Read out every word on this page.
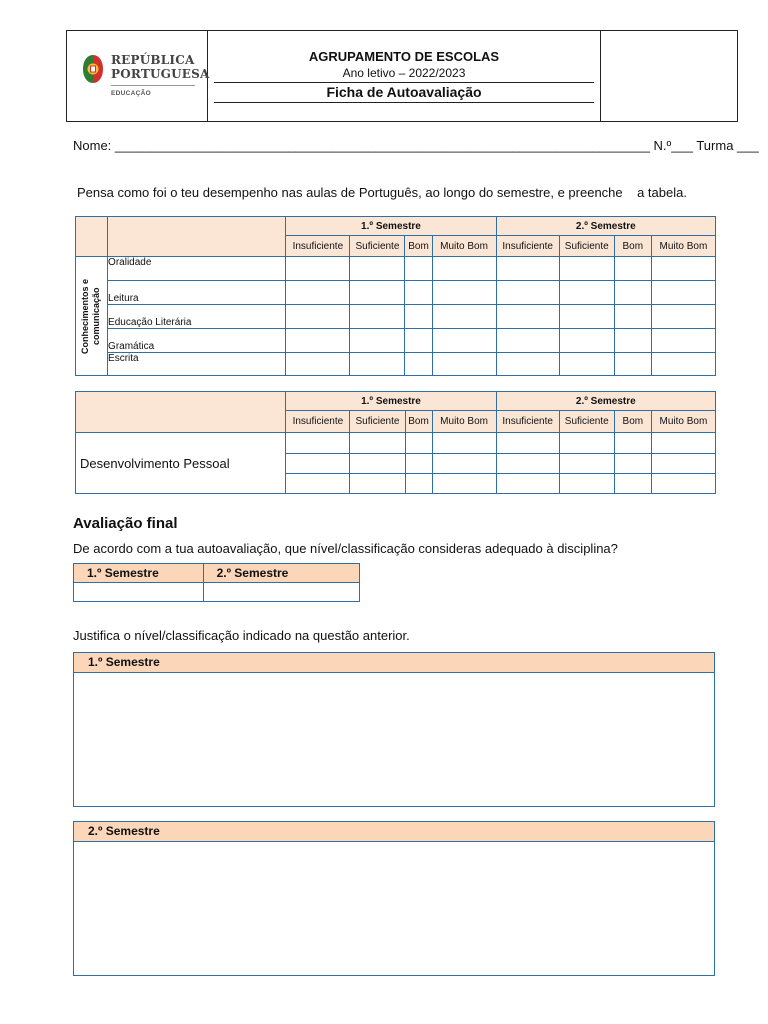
REPÚBLICA
PORTUGUESA
EDUCAÇÃO
AGRUPAMENTO DE ESCOLAS
Ano letivo – 2022/2023
Ficha de Autoavaliação
Nome: __________________________________________________________________________ N.º___ Turma ___
Pensa como foi o teu desempenho nas aulas de Português, ao longo do semestre, e preenche    a tabela.
		1.º Semestre				2.º Semestre			
		Insuficiente	Suficiente	Bom	Muito Bom	Insuficiente	Suficiente	Bom	Muito Bom

Conhecimentos e comunicação	Oralidade								
	Leitura								
	Educação Literária								
	Gramática								
	Escrita								
	1.º Semestre				2.º Semestre			
	Insuficiente	Suficiente	Bom	Muito Bom	Insuficiente	Suficiente	Bom	Muito Bom
Desenvolvimento Pessoal								

Avaliação final
De acordo com a tua autoavaliação, que nível/classificação consideras adequado à disciplina?
1.º Semestre	2.º Semestre

Justifica o nível/classificação indicado na questão anterior.
1.º Semestre
2.º Semestre
